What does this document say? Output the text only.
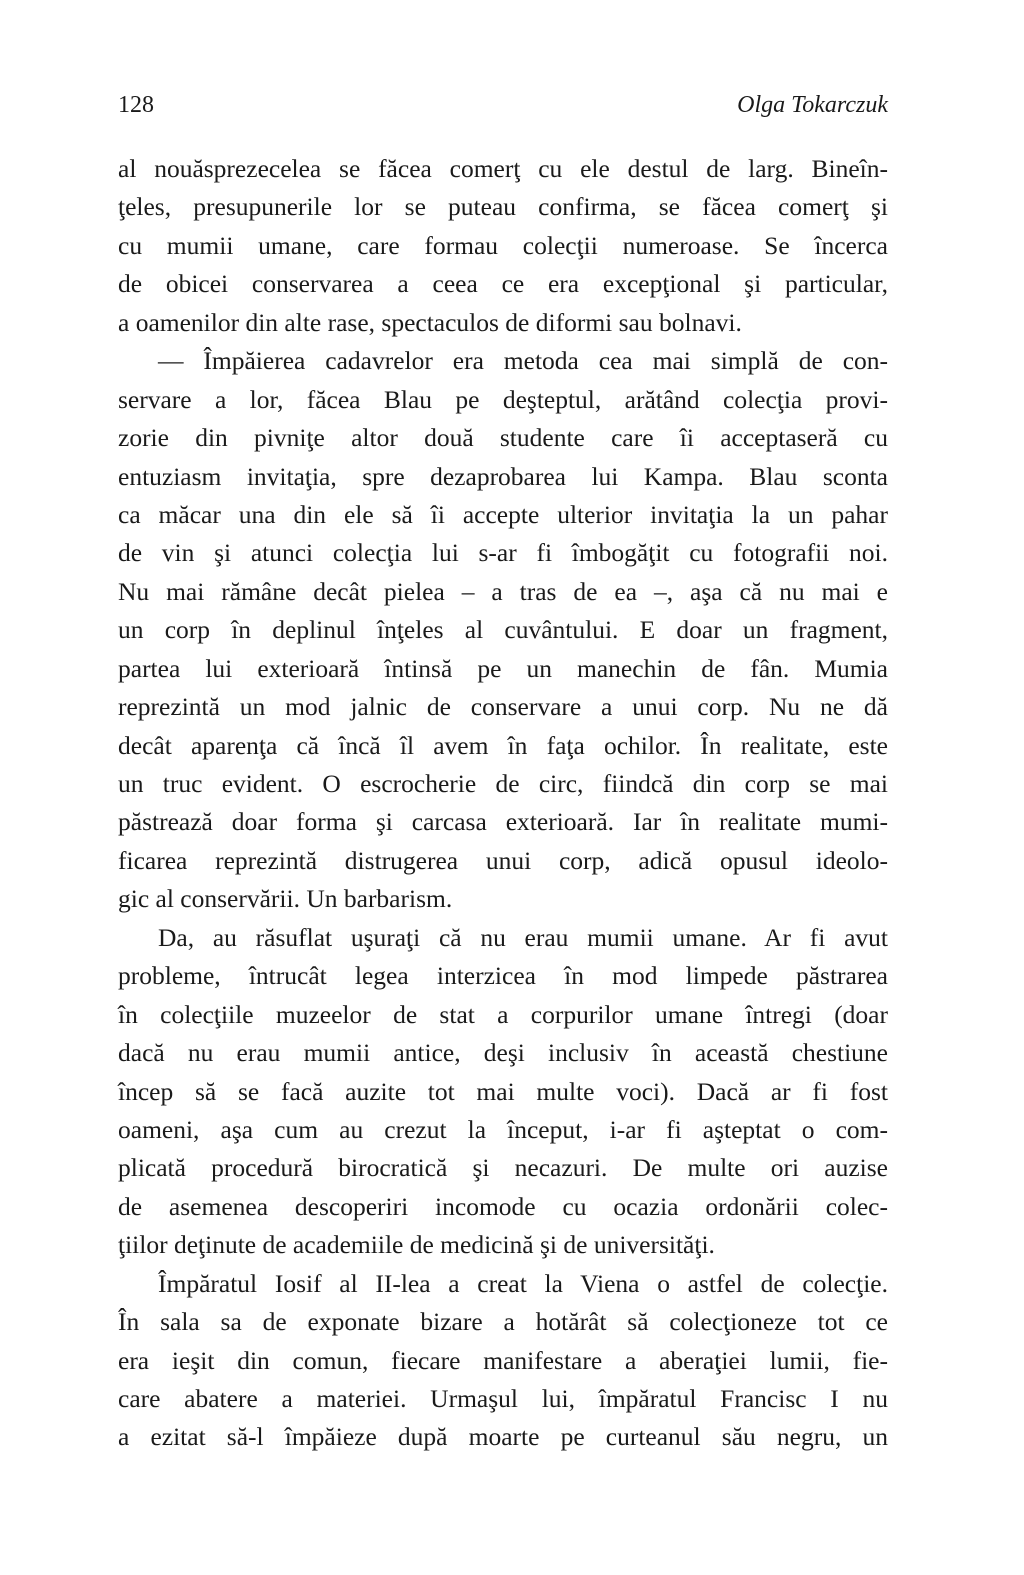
128	Olga Tokarczuk
al nouăsprezecelea se făcea comerţ cu ele destul de larg. Bineîn-
ţeles, presupunerile lor se puteau confirma, se făcea comerţ şi
cu mumii umane, care formau colecţii numeroase. Se încerca
de obicei conservarea a ceea ce era excepţional şi particular,
a oamenilor din alte rase, spectaculos de diformi sau bolnavi.
— Împăierea cadavrelor era metoda cea mai simplă de con-
servare a lor, făcea Blau pe deşteptul, arătând colecţia provi-
zorie din pivniţe altor două studente care îi acceptaseră cu
entuziasm invitaţia, spre dezaprobarea lui Kampa. Blau sconta
ca măcar una din ele să îi accepte ulterior invitaţia la un pahar
de vin şi atunci colecţia lui s-ar fi îmbogăţit cu fotografii noi.
Nu mai rămâne decât pielea – a tras de ea –, aşa că nu mai e
un corp în deplinul înţeles al cuvântului. E doar un fragment,
partea lui exterioară întinsă pe un manechin de fân. Mumia
reprezintă un mod jalnic de conservare a unui corp. Nu ne dă
decât aparenţa că încă îl avem în faţa ochilor. În realitate, este
un truc evident. O escrocherie de circ, fiindcă din corp se mai
păstrează doar forma şi carcasa exterioară. Iar în realitate mumi-
ficarea reprezintă distrugerea unui corp, adică opusul ideolo-
gic al conservării. Un barbarism.
Da, au răsuflat uşuraţi că nu erau mumii umane. Ar fi avut
probleme, întrucât legea interzicea în mod limpede păstrarea
în colecţiile muzeelor de stat a corpurilor umane întregi (doar
dacă nu erau mumii antice, deşi inclusiv în această chestiune
încep să se facă auzite tot mai multe voci). Dacă ar fi fost
oameni, aşa cum au crezut la început, i-ar fi aşteptat o com-
plicată procedură birocratică şi necazuri. De multe ori auzise
de asemenea descoperiri incomode cu ocazia ordonării colec-
ţiilor deţinute de academiile de medicină şi de universităţi.
Împăratul Iosif al II-lea a creat la Viena o astfel de colecţie.
În sala sa de exponate bizare a hotărât să colecţioneze tot ce
era ieşit din comun, fiecare manifestare a aberaţiei lumii, fie-
care abatere a materiei. Urmaşul lui, împăratul Francisc I nu
a ezitat să-l împăieze după moarte pe curteanul său negru, un
